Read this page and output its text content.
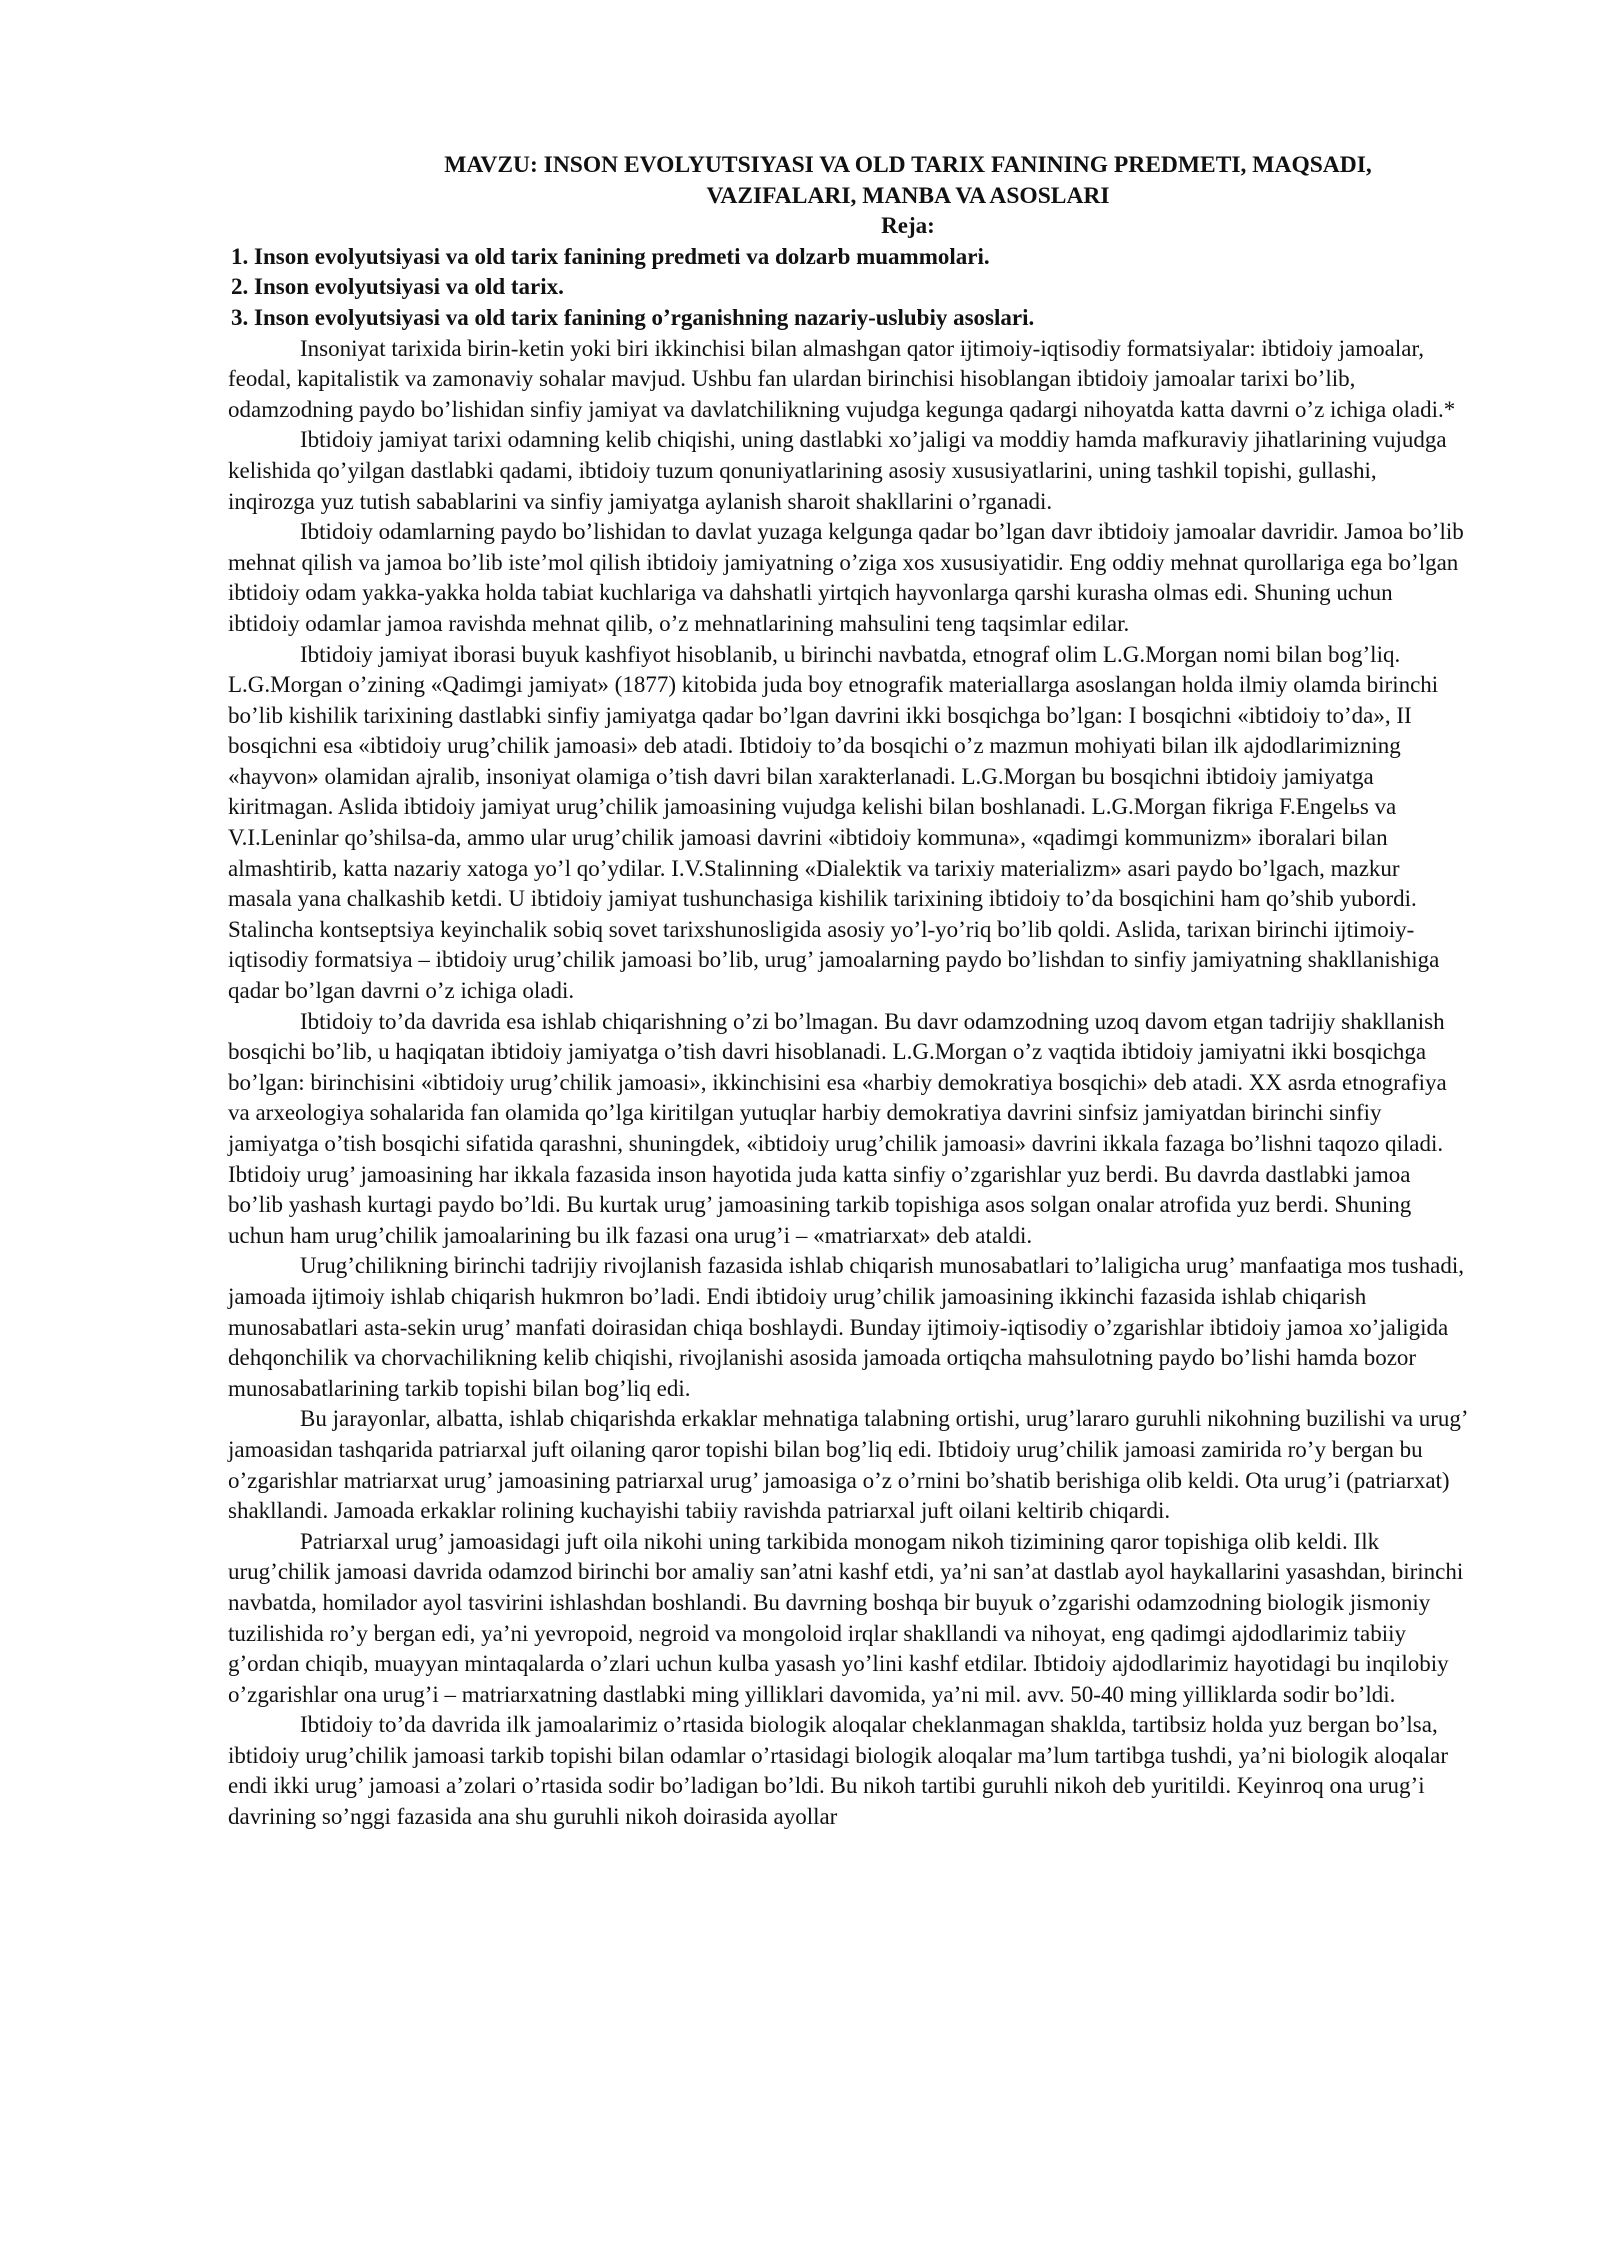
MAVZU: INSON EVOLYUTSIYASI VA OLD TARIX FANINING PREDMETI, MAQSADI,
VAZIFALARI, MANBA VA ASOSLARI
Reja:
1. Inson evolyutsiyasi va old tarix fanining predmeti va dolzarb muammolari.
2. Inson evolyutsiyasi va old tarix.
3. Inson evolyutsiyasi va old tarix fanining o’rganishning nazariy-uslubiy asoslari.

Insoniyat tarixida birin-ketin yoki biri ikkinchisi bilan almashgan qator ijtimoiy-iqtisodiy formatsiyalar: ibtidoiy jamoalar, feodal, kapitalistik va zamonaviy sohalar mavjud. Ushbu fan ulardan birinchisi hisoblangan ibtidoiy jamoalar tarixi bo’lib, odamzodning paydo bo’lishidan sinfiy jamiyat va davlatchilikning vujudga kegunga qadargi nihoyatda katta davrni o’z ichiga oladi.*

Ibtidoiy jamiyat tarixi odamning kelib chiqishi, uning dastlabki xo’jaligi va moddiy hamda mafkuraviy jihatlarining vujudga kelishida qo’yilgan dastlabki qadami, ibtidoiy tuzum qonuniyatlarining asosiy xususiyatlarini, uning tashkil topishi, gullashi, inqirozga yuz tutish sabablarini va sinfiy jamiyatga aylanish sharoit shakllarini o’rganadi.

Ibtidoiy odamlarning paydo bo’lishidan to davlat yuzaga kelgunga qadar bo’lgan davr ibtidoiy jamoalar davridir. Jamoa bo’lib mehnat qilish va jamoa bo’lib iste’mol qilish ibtidoiy jamiyatning o’ziga xos xususiyatidir. Eng oddiy mehnat qurollariga ega bo’lgan ibtidoiy odam yakka-yakka holda tabiat kuchlariga va dahshatli yirtqich hayvonlarga qarshi kurasha olmas edi. Shuning uchun ibtidoiy odamlar jamoa ravishda mehnat qilib, o’z mehnatlarining mahsulini teng taqsimlar edilar.

Ibtidoiy jamiyat iborasi buyuk kashfiyot hisoblanib, u birinchi navbatda, etnograf olim L.G.Morgan nomi bilan bog’liq. L.G.Morgan o’zining «Qadimgi jamiyat» (1877) kitobida juda boy etnografik materiallarga asoslangan holda ilmiy olamda birinchi bo’lib kishilik tarixining dastlabki sinfiy jamiyatga qadar bo’lgan davrini ikki bosqichga bo’lgan: I bosqichni «ibtidoiy to’da», II bosqichni esa «ibtidoiy urug’chilik jamoasi» deb atadi. Ibtidoiy to’da bosqichi o’z mazmun mohiyati bilan ilk ajdodlarimizning «hayvon» olamidan ajralib, insoniyat olamiga o’tish davri bilan xarakterlanadi. L.G.Morgan bu bosqichni ibtidoiy jamiyatga kiritmagan. Aslida ibtidoiy jamiyat urug’chilik jamoasining vujudga kelishi bilan boshlanadi. L.G.Morgan fikriga F.Engelьs va V.I.Leninlar qo’shilsa-da, ammo ular urug’chilik jamoasi davrini «ibtidoiy kommuna», «qadimgi kommunizm» iboralari bilan almashtirib, katta nazariy xatoga yo’l qo’ydilar. I.V.Stalinning «Dialektik va tarixiy materializm» asari paydo bo’lgach, mazkur masala yana chalkashib ketdi. U ibtidoiy jamiyat tushunchasiga kishilik tarixining ibtidoiy to’da bosqichini ham qo’shib yubordi. Stalincha kontseptsiya keyinchalik sobiq sovet tarixshunosligida asosiy yo’l-yo’riq bo’lib qoldi. Aslida, tarixan birinchi ijtimoiy-iqtisodiy formatsiya – ibtidoiy urug’chilik jamoasi bo’lib, urug’ jamoalarning paydo bo’lishdan to sinfiy jamiyatning shakllanishiga qadar bo’lgan davrni o’z ichiga oladi.

Ibtidoiy to’da davrida esa ishlab chiqarishning o’zi bo’lmagan. Bu davr odamzodning uzoq davom etgan tadrijiy shakllanish bosqichi bo’lib, u haqiqatan ibtidoiy jamiyatga o’tish davri hisoblanadi. L.G.Morgan o’z vaqtida ibtidoiy jamiyatni ikki bosqichga bo’lgan: birinchisini «ibtidoiy urug’chilik jamoasi», ikkinchisini esa «harbiy demokratiya bosqichi» deb atadi. XX asrda etnografiya va arxeologiya sohalarida fan olamida qo’lga kiritilgan yutuqlar harbiy demokratiya davrini sinfsiz jamiyatdan birinchi sinfiy jamiyatga o’tish bosqichi sifatida qarashni, shuningdek, «ibtidoiy urug’chilik jamoasi» davrini ikkala fazaga bo’lishni taqozo qiladi. Ibtidoiy urug’ jamoasining har ikkala fazasida inson hayotida juda katta sinfiy o’zgarishlar yuz berdi. Bu davrda dastlabki jamoa bo’lib yashash kurtagi paydo bo’ldi. Bu kurtak urug’ jamoasining tarkib topishiga asos solgan onalar atrofida yuz berdi. Shuning uchun ham urug’chilik jamoalarining bu ilk fazasi ona urug’i – «matriarxat» deb ataldi.

Urug’chilikning birinchi tadrijiy rivojlanish fazasida ishlab chiqarish munosabatlari to’laligicha urug’ manfaatiga mos tushadi, jamoada ijtimoiy ishlab chiqarish hukmron bo’ladi. Endi ibtidoiy urug’chilik jamoasining ikkinchi fazasida ishlab chiqarish munosabatlari asta-sekin urug’ manfati doirasidan chiqa boshlaydi. Bunday ijtimoiy-iqtisodiy o’zgarishlar ibtidoiy jamoa xo’jaligida dehqonchilik va chorvachilikning kelib chiqishi, rivojlanishi asosida jamoada ortiqcha mahsulotning paydo bo’lishi hamda bozor munosabatlarining tarkib topishi bilan bog’liq edi.

Bu jarayonlar, albatta, ishlab chiqarishda erkaklar mehnatiga talabning ortishi, urug’lararo guruhli nikohning buzilishi va urug’ jamoasidan tashqarida patriarxal juft oilaning qaror topishi bilan bog’liq edi. Ibtidoiy urug’chilik jamoasi zamirida ro’y bergan bu o’zgarishlar matriarxat urug’ jamoasining patriarxal urug’ jamoasiga o’z o’rnini bo’shatib berishiga olib keldi. Ota urug’i (patriarxat) shakllandi. Jamoada erkaklar rolining kuchayishi tabiiy ravishda patriarxal juft oilani keltirib chiqardi.

Patriarxal urug’ jamoasidagi juft oila nikohi uning tarkibida monogam nikoh tizimining qaror topishiga olib keldi. Ilk urug’chilik jamoasi davrida odamzod birinchi bor amaliy san’atni kashf etdi, ya’ni san’at dastlab ayol haykallarini yasashdan, birinchi navbatda, homilador ayol tasvirini ishlashdan boshlandi. Bu davrning boshqa bir buyuk o’zgarishi odamzodning biologik jismoniy tuzilishida ro’y bergan edi, ya’ni yevropoid, negroid va mongoloid irqlar shakllandi va nihoyat, eng qadimgi ajdodlarimiz tabiiy g’ordan chiqib, muayyan mintaqalarda o’zlari uchun kulba yasash yo’lini kashf etdilar. Ibtidoiy ajdodlarimiz hayotidagi bu inqilobiy o’zgarishlar ona urug’i – matriarxatning dastlabki ming yilliklari davomida, ya’ni mil. avv. 50-40 ming yilliklarda sodir bo’ldi.

Ibtidoiy to’da davrida ilk jamoalarimiz o’rtasida biologik aloqalar cheklanmagan shaklda, tartibsiz holda yuz bergan bo’lsa, ibtidoiy urug’chilik jamoasi tarkib topishi bilan odamlar o’rtasidagi biologik aloqalar ma’lum tartibga tushdi, ya’ni biologik aloqalar endi ikki urug’ jamoasi a’zolari o’rtasida sodir bo’ladigan bo’ldi. Bu nikoh tartibi guruhli nikoh deb yuritildi. Keyinroq ona urug’i davrining so’nggi fazasida ana shu guruhli nikoh doirasida ayollar
